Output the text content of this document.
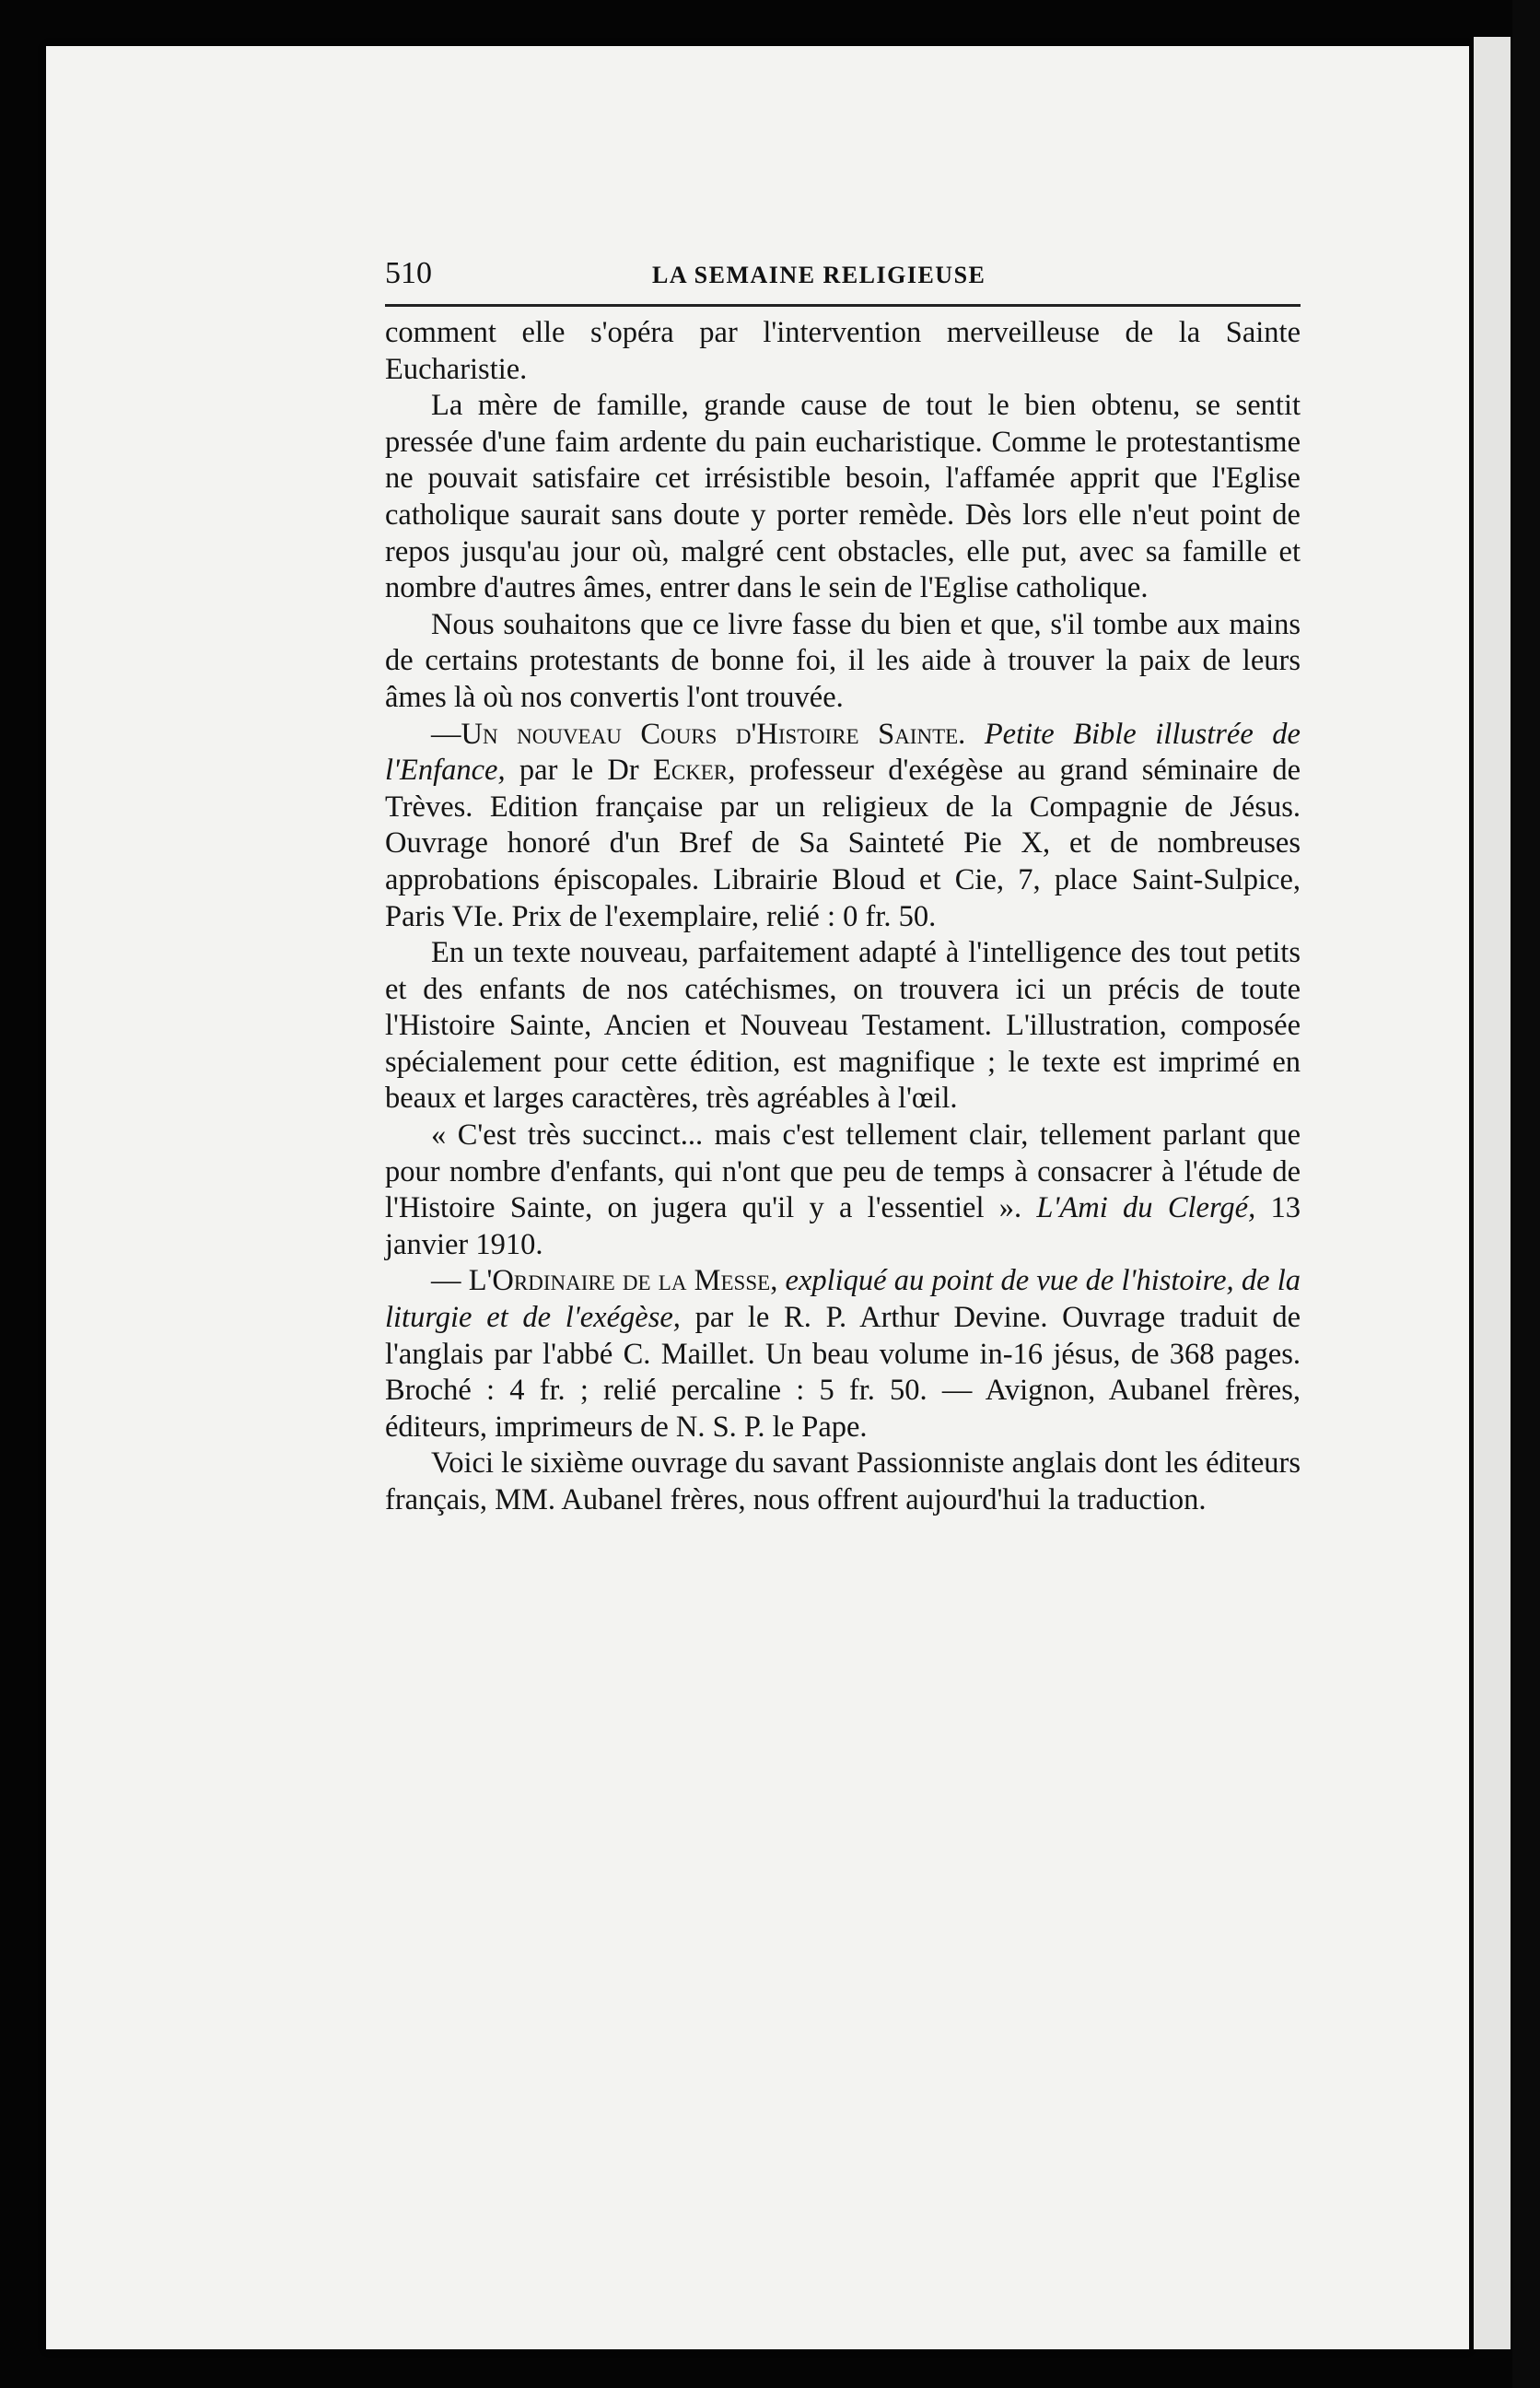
510	LA SEMAINE RELIGIEUSE

comment elle s'opéra par l'intervention merveilleuse de la Sainte Eucharistie.

La mère de famille, grande cause de tout le bien obtenu, se sentit pressée d'une faim ardente du pain eucharistique. Comme le protestantisme ne pouvait satisfaire cet irrésistible besoin, l'affamée apprit que l'Eglise catholique saurait sans doute y porter remède. Dès lors elle n'eut point de repos jusqu'au jour où, malgré cent obstacles, elle put, avec sa famille et nombre d'autres âmes, entrer dans le sein de l'Eglise catholique.

Nous souhaitons que ce livre fasse du bien et que, s'il tombe aux mains de certains protestants de bonne foi, il les aide à trouver la paix de leurs âmes là où nos convertis l'ont trouvée.

—Un nouveau Cours d'Histoire Sainte. Petite Bible illustrée de l'Enfance, par le Dr Ecker, professeur d'exégèse au grand séminaire de Trèves. Edition française par un religieux de la Compagnie de Jésus. Ouvrage honoré d'un Bref de Sa Sainteté Pie X, et de nombreuses approbations épiscopales. Librairie Bloud et Cie, 7, place Saint-Sulpice, Paris VIe. Prix de l'exemplaire, relié : 0 fr. 50.

En un texte nouveau, parfaitement adapté à l'intelligence des tout petits et des enfants de nos catéchismes, on trouvera ici un précis de toute l'Histoire Sainte, Ancien et Nouveau Testament. L'illustration, composée spécialement pour cette édition, est magnifique ; le texte est imprimé en beaux et larges caractères, très agréables à l'œil.

« C'est très succinct... mais c'est tellement clair, tellement parlant que pour nombre d'enfants, qui n'ont que peu de temps à consacrer à l'étude de l'Histoire Sainte, on jugera qu'il y a l'essentiel ». L'Ami du Clergé, 13 janvier 1910.

— L'Ordinaire de la Messe, expliqué au point de vue de l'histoire, de la liturgie et de l'exégèse, par le R. P. Arthur Devine. Ouvrage traduit de l'anglais par l'abbé C. Maillet. Un beau volume in-16 jésus, de 368 pages. Broché : 4 fr. ; relié percaline : 5 fr. 50. — Avignon, Aubanel frères, éditeurs, imprimeurs de N. S. P. le Pape.

Voici le sixième ouvrage du savant Passionniste anglais dont les éditeurs français, MM. Aubanel frères, nous offrent aujourd'hui la traduction.
